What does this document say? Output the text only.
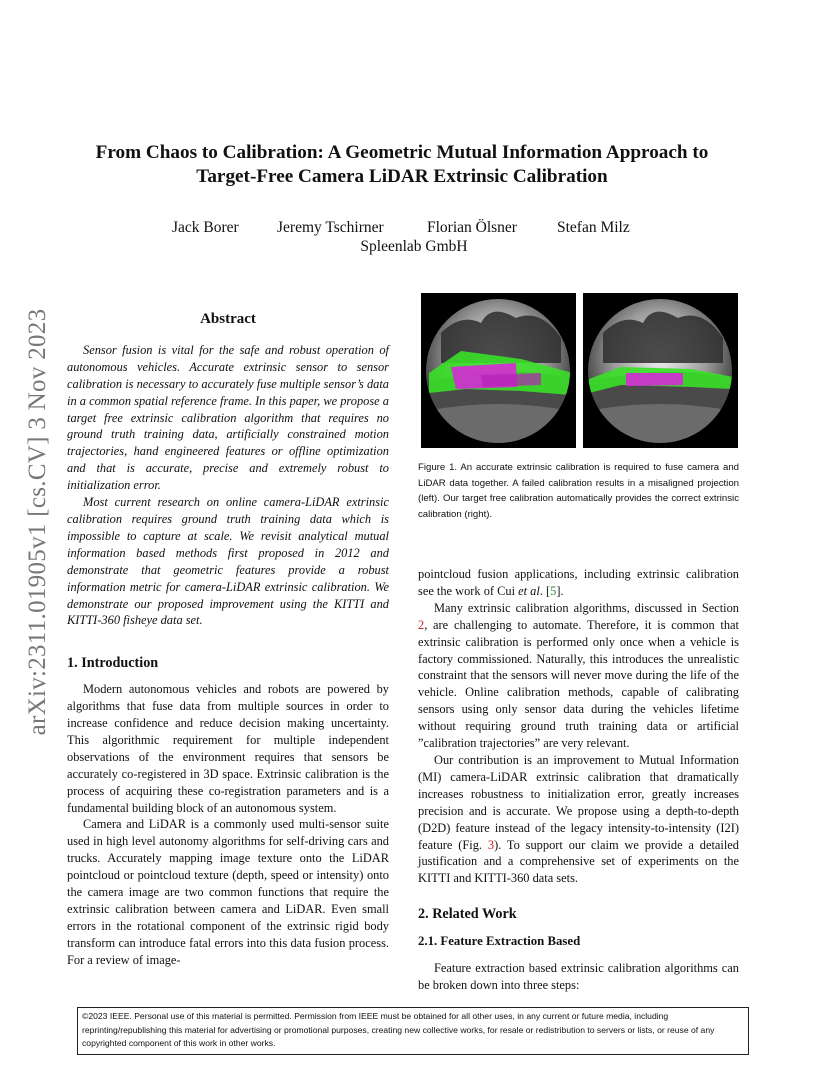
arXiv:2311.01905v1 [cs.CV] 3 Nov 2023
From Chaos to Calibration: A Geometric Mutual Information Approach to
Target-Free Camera LiDAR Extrinsic Calibration
Jack Borer Jeremy Tschirner	Florian Ölsner	Stefan Milz
Spleenlab GmbH
Abstract

Sensor fusion is vital for the safe and robust operation of autonomous vehicles. Accurate extrinsic sensor to sensor calibration is necessary to accurately fuse multiple sensor’s data in a common spatial reference frame. In this paper, we propose a target free extrinsic calibration algorithm that requires no ground truth training data, artificially constrained motion trajectories, hand engineered features or offline optimization and that is accurate, precise and extremely robust to initialization error.

Most current research on online camera-LiDAR extrinsic calibration requires ground truth training data which is impossible to capture at scale. We revisit analytical mutual information based methods first proposed in 2012 and demonstrate that geometric features provide a robust information metric for camera-LiDAR extrinsic calibration. We demonstrate our proposed improvement using the KITTI and KITTI-360 fisheye data set.

1. Introduction

Modern autonomous vehicles and robots are powered by algorithms that fuse data from multiple sources in order to increase confidence and reduce decision making uncertainty. This algorithmic requirement for multiple independent observations of the environment requires that sensors be accurately co-registered in 3D space. Extrinsic calibration is the process of acquiring these co-registration parameters and is a fundamental building block of an autonomous system.

Camera and LiDAR is a commonly used multi-sensor suite used in high level autonomy algorithms for self-driving cars and trucks. Accurately mapping image texture onto the LiDAR pointcloud or pointcloud texture (depth, speed or intensity) onto the camera image are two common functions that require the extrinsic calibration between camera and LiDAR. Even small errors in the rotational component of the extrinsic rigid body transform can introduce fatal errors into this data fusion process. For a review of image-

Figure 1. An accurate extrinsic calibration is required to fuse camera and LiDAR data together. A failed calibration results in a misaligned projection (left). Our target free calibration automatically provides the correct extrinsic calibration (right).

pointcloud fusion applications, including extrinsic calibration see the work of Cui et al. [5].

Many extrinsic calibration algorithms, discussed in Section 2, are challenging to automate. Therefore, it is common that extrinsic calibration is performed only once when a vehicle is factory commissioned. Naturally, this introduces the unrealistic constraint that the sensors will never move during the life of the vehicle. Online calibration methods, capable of calibrating sensors using only sensor data during the vehicles lifetime without requiring ground truth training data or artificial ”calibration trajectories” are very relevant.

Our contribution is an improvement to Mutual Information (MI) camera-LiDAR extrinsic calibration that dramatically increases robustness to initialization error, greatly increases precision and is accurate. We propose using a depth-to-depth (D2D) feature instead of the legacy intensity-to-intensity (I2I) feature (Fig. 3). To support our claim we provide a detailed justification and a comprehensive set of experiments on the KITTI and KITTI-360 data sets.

2. Related Work
2.1. Feature Extraction Based

Feature extraction based extrinsic calibration algorithms can be broken down into three steps:

©2023 IEEE. Personal use of this material is permitted. Permission from IEEE must be obtained for all other uses, in any current or future media, including reprinting/republishing this material for advertising or promotional purposes, creating new collective works, for resale or redistribution to servers or lists, or reuse of any copyrighted component of this work in other works.
